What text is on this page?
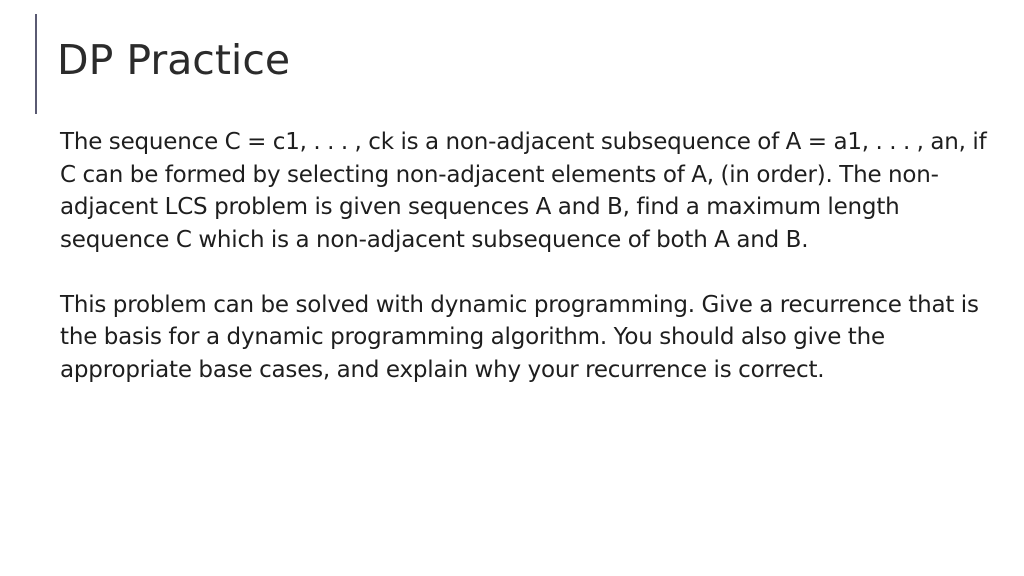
DP Practice

The sequence C = c1, . . . , ck is a non-adjacent subsequence of A = a1, . . . , an, if C can be formed by selecting non-adjacent elements of A, (in order). The non-adjacent LCS problem is given sequences A and B, find a maximum length sequence C which is a non-adjacent subsequence of both A and B.

This problem can be solved with dynamic programming. Give a recurrence that is the basis for a dynamic programming algorithm. You should also give the appropriate base cases, and explain why your recurrence is correct.
